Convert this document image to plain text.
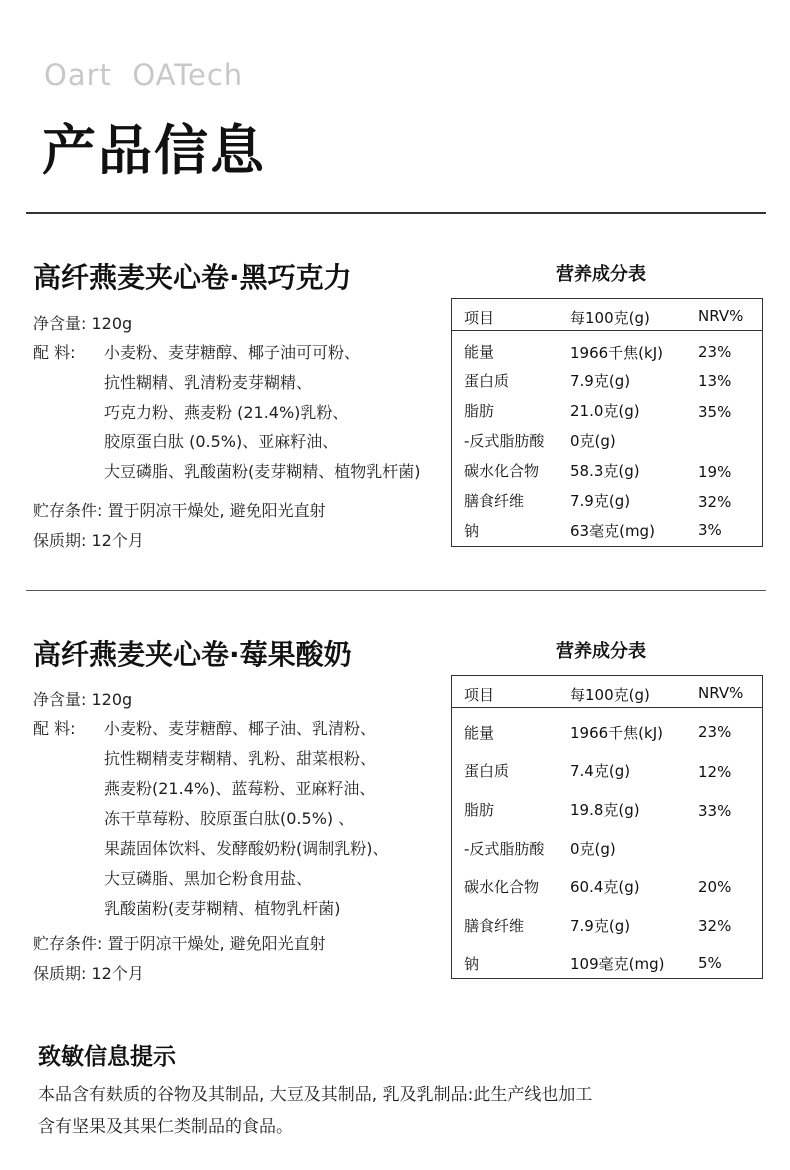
Oart  OATech
产品信息
高纤燕麦夹心卷·黑巧克力
净含量: 120g
配 料: 小麦粉、麦芽糖醇、椰子油可可粉、
抗性糊精、乳清粉麦芽糊精、
巧克力粉、燕麦粉 (21.4%)乳粉、
胶原蛋白肽 (0.5%)、亚麻籽油、
大豆磷脂、乳酸菌粉(麦芽糊精、植物乳杆菌)
贮存条件: 置于阴凉干燥处, 避免阳光直射
保质期: 12个月
营养成分表
项目	每100克(g)	NRV%
能量	1966千焦(kJ) 23%
蛋白质	7.9克(g)	13%
脂肪	21.0克(g)	35%
-反式脂肪酸 0克(g)
碳水化合物 58.3克(g)	19%
膳食纤维	7.9克(g)	32%
钠	63毫克(mg)	3%
高纤燕麦夹心卷·莓果酸奶
净含量: 120g
配 料: 小麦粉、麦芽糖醇、椰子油、乳清粉、
抗性糊精麦芽糊精、乳粉、甜菜根粉、
燕麦粉(21.4%)、蓝莓粉、亚麻籽油、
冻干草莓粉、胶原蛋白肽(0.5%) 、
果蔬固体饮料、发酵酸奶粉(调制乳粉)、
大豆磷脂、黑加仑粉食用盐、
乳酸菌粉(麦芽糊精、植物乳杆菌)
贮存条件: 置于阴凉干燥处, 避免阳光直射
保质期: 12个月
营养成分表
项目	每100克(g)	NRV%
能量	1966千焦(kJ) 23%
蛋白质	7.4克(g)	12%
脂肪	19.8克(g)	33%
-反式脂肪酸 0克(g)
碳水化合物 60.4克(g)	20%
膳食纤维	7.9克(g)	32%
钠	109毫克(mg) 5%
致敏信息提示
本品含有麸质的谷物及其制品, 大豆及其制品, 乳及乳制品:此生产线也加工
含有坚果及其果仁类制品的食品。
